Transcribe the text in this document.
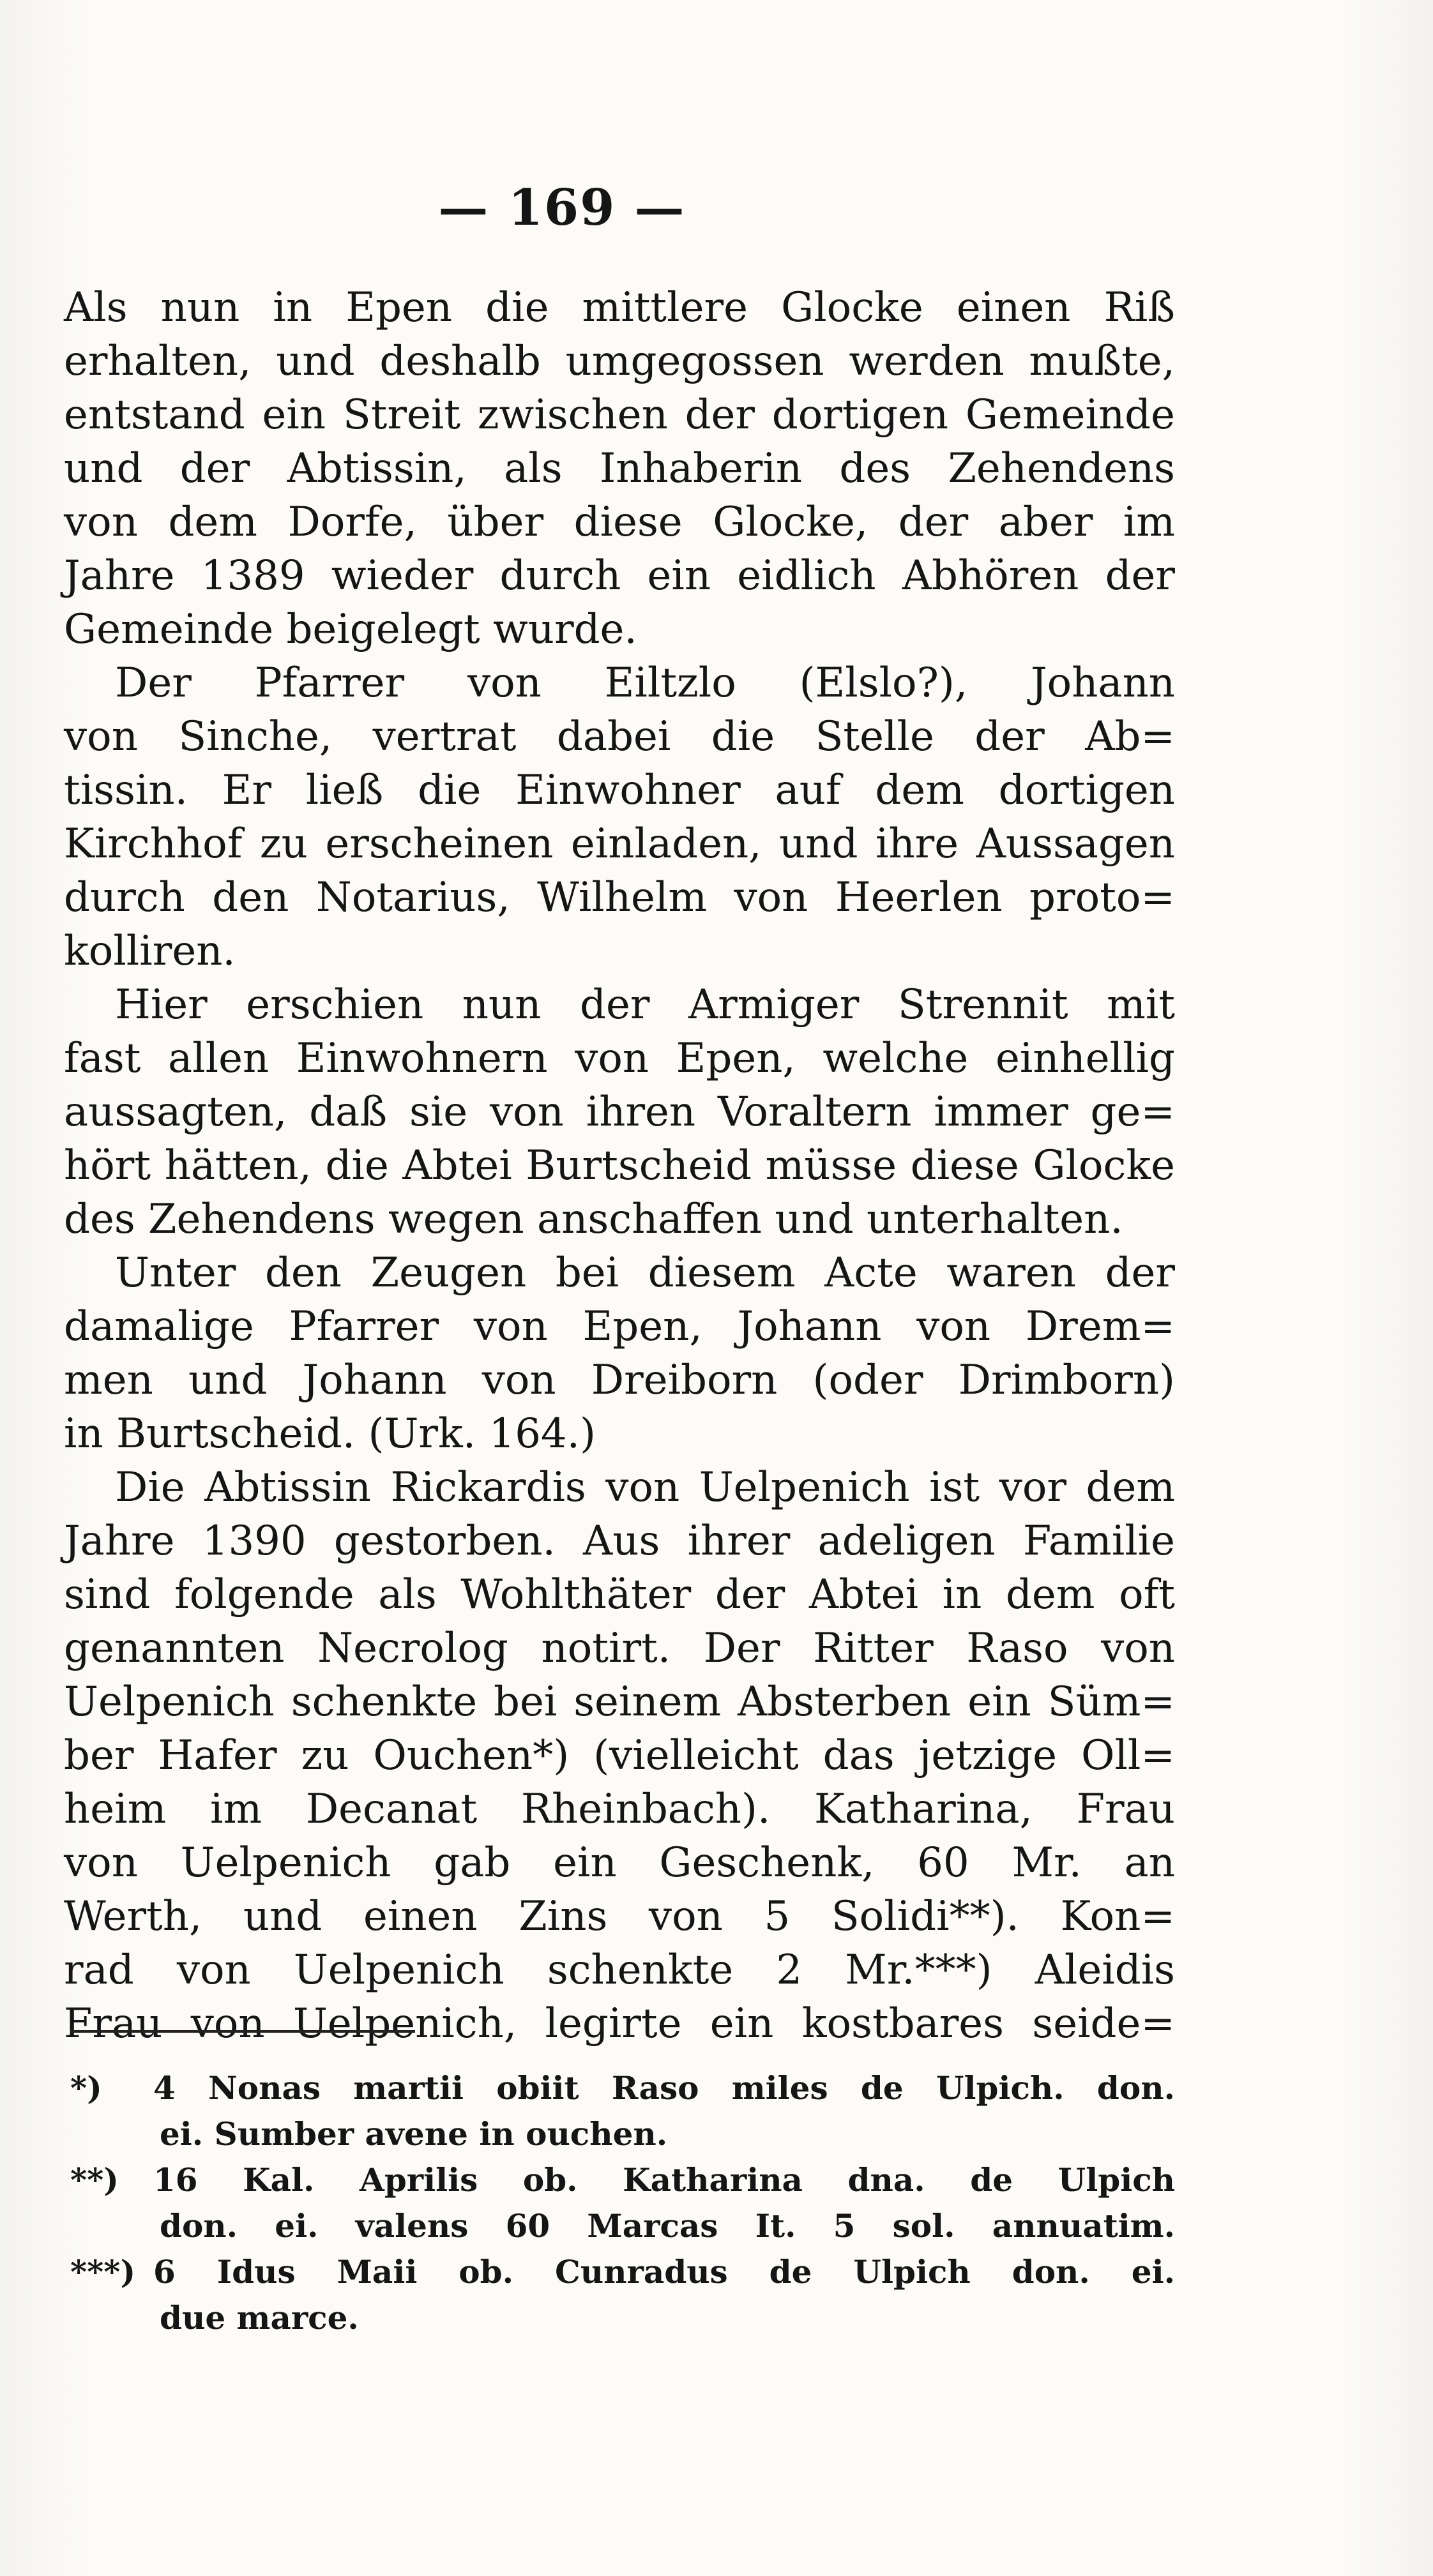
— 169 —
Als nun in Epen die mittlere Glocke einen Riß
erhalten, und deshalb umgegossen werden mußte,
entstand ein Streit zwischen der dortigen Gemeinde
und der Abtissin, als Inhaberin des Zehendens
von dem Dorfe, über diese Glocke, der aber im
Jahre 1389 wieder durch ein eidlich Abhören der
Gemeinde beigelegt wurde.
Der Pfarrer von Eiltzlo (Elslo?), Johann
von Sinche, vertrat dabei die Stelle der Ab=
tissin. Er ließ die Einwohner auf dem dortigen
Kirchhof zu erscheinen einladen, und ihre Aussagen
durch den Notarius, Wilhelm von Heerlen proto=
kolliren.
Hier erschien nun der Armiger Strennit mit
fast allen Einwohnern von Epen, welche einhellig
aussagten, daß sie von ihren Voraltern immer ge=
hört hätten, die Abtei Burtscheid müsse diese Glocke
des Zehendens wegen anschaffen und unterhalten.
Unter den Zeugen bei diesem Acte waren der
damalige Pfarrer von Epen, Johann von Drem=
men und Johann von Dreiborn (oder Drimborn)
in Burtscheid. (Urk. 164.)
Die Abtissin Rickardis von Uelpenich ist vor dem
Jahre 1390 gestorben. Aus ihrer adeligen Familie
sind folgende als Wohlthäter der Abtei in dem oft
genannten Necrolog notirt. Der Ritter Raso von
Uelpenich schenkte bei seinem Absterben ein Süm=
ber Hafer zu Ouchen*) (vielleicht das jetzige Oll=
heim im Decanat Rheinbach). Katharina, Frau
von Uelpenich gab ein Geschenk, 60 Mr. an
Werth, und einen Zins von 5 Solidi**). Kon=
rad von Uelpenich schenkte 2 Mr.***) Aleidis
Frau von Uelpenich, legirte ein kostbares seide=
*) 4 Nonas martii obiit Raso miles de Ulpich. don.
ei. Sumber avene in ouchen.
**) 16 Kal. Aprilis ob. Katharina dna. de Ulpich
don. ei. valens 60 Marcas It. 5 sol. annuatim.
***) 6 Idus Maii ob. Cunradus de Ulpich don. ei.
due marce.
